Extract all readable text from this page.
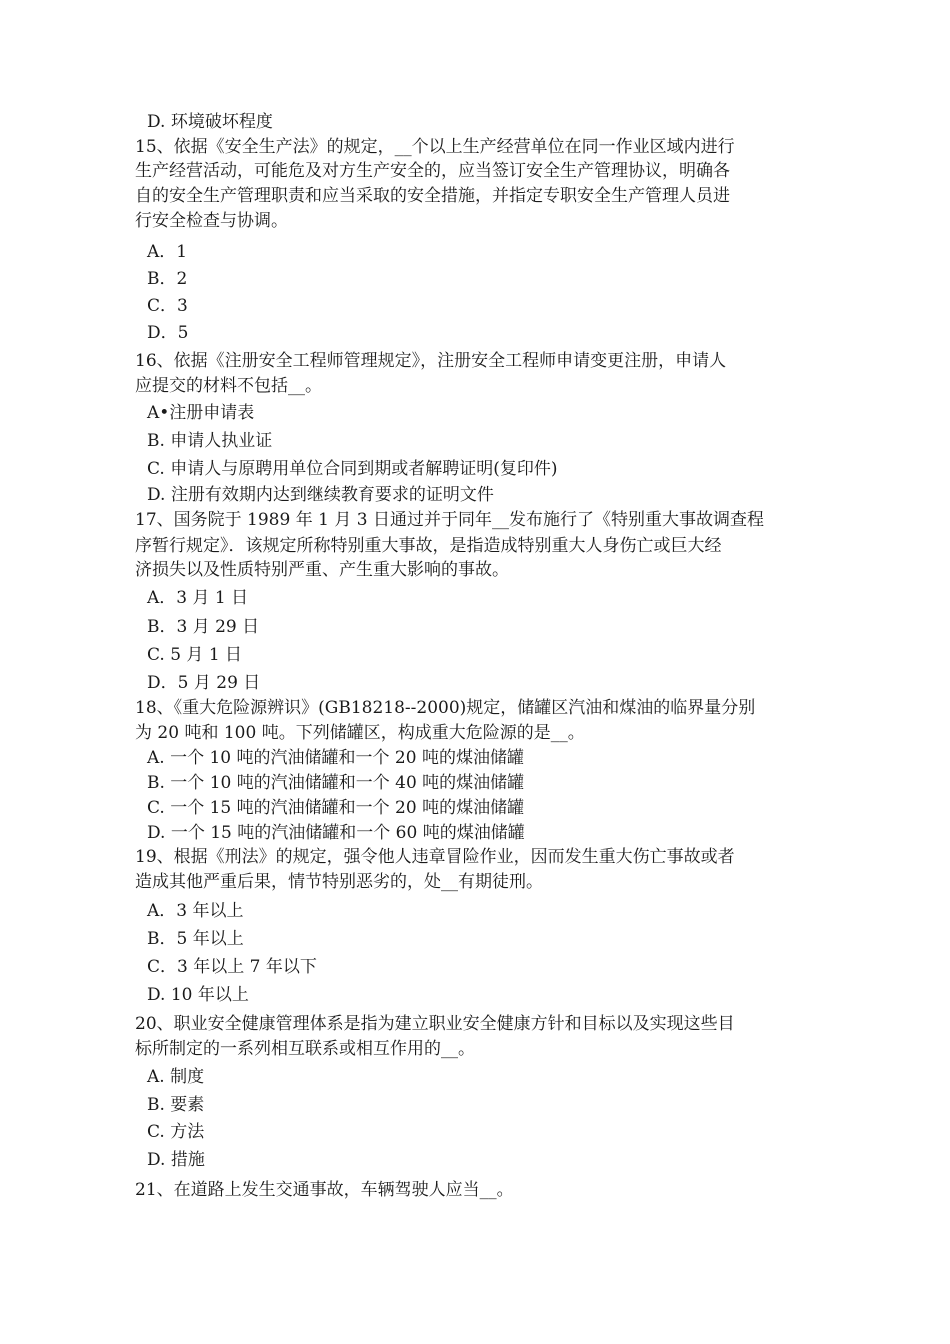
D. 环境破坏程度
15、依据《安全生产法》的规定，__个以上生产经营单位在同一作业区域内进行
生产经营活动，可能危及对方生产安全的，应当签订安全生产管理协议，明确各
自的安全生产管理职责和应当采取的安全措施，并指定专职安全生产管理人员进
行安全检查与协调。
A．1
B．2
C．3
D．5
16、依据《注册安全工程师管理规定》，注册安全工程师申请变更注册，申请人
应提交的材料不包括__。
A•注册申请表
B. 申请人执业证
C. 申请人与原聘用单位合同到期或者解聘证明(复印件)
D. 注册有效期内达到继续教育要求的证明文件
17、国务院于 1989 年 1 月 3 日通过并于同年__发布施行了《特别重大事故调查程
序暂行规定》．该规定所称特别重大事故，是指造成特别重大人身伤亡或巨大经
济损失以及性质特别严重、产生重大影响的事故。
A．3 月 1 日
B．3 月 29 日
C. 5 月 1 日
D．5 月 29 日
18、《重大危险源辨识》(GB18218--2000)规定，储罐区汽油和煤油的临界量分别
为 20 吨和 100 吨。下列储罐区，构成重大危险源的是__。
A. 一个 10 吨的汽油储罐和一个 20 吨的煤油储罐
B. 一个 10 吨的汽油储罐和一个 40 吨的煤油储罐
C. 一个 15 吨的汽油储罐和一个 20 吨的煤油储罐
D. 一个 15 吨的汽油储罐和一个 60 吨的煤油储罐
19、根据《刑法》的规定，强令他人违章冒险作业，因而发生重大伤亡事故或者
造成其他严重后果，情节特别恶劣的，处__有期徒刑。
A．3 年以上
B．5 年以上
C．3 年以上 7 年以下
D. 10 年以上
20、职业安全健康管理体系是指为建立职业安全健康方针和目标以及实现这些目
标所制定的一系列相互联系或相互作用的__。
A. 制度
B. 要素
C. 方法
D. 措施
21、在道路上发生交通事故，车辆驾驶人应当__。
